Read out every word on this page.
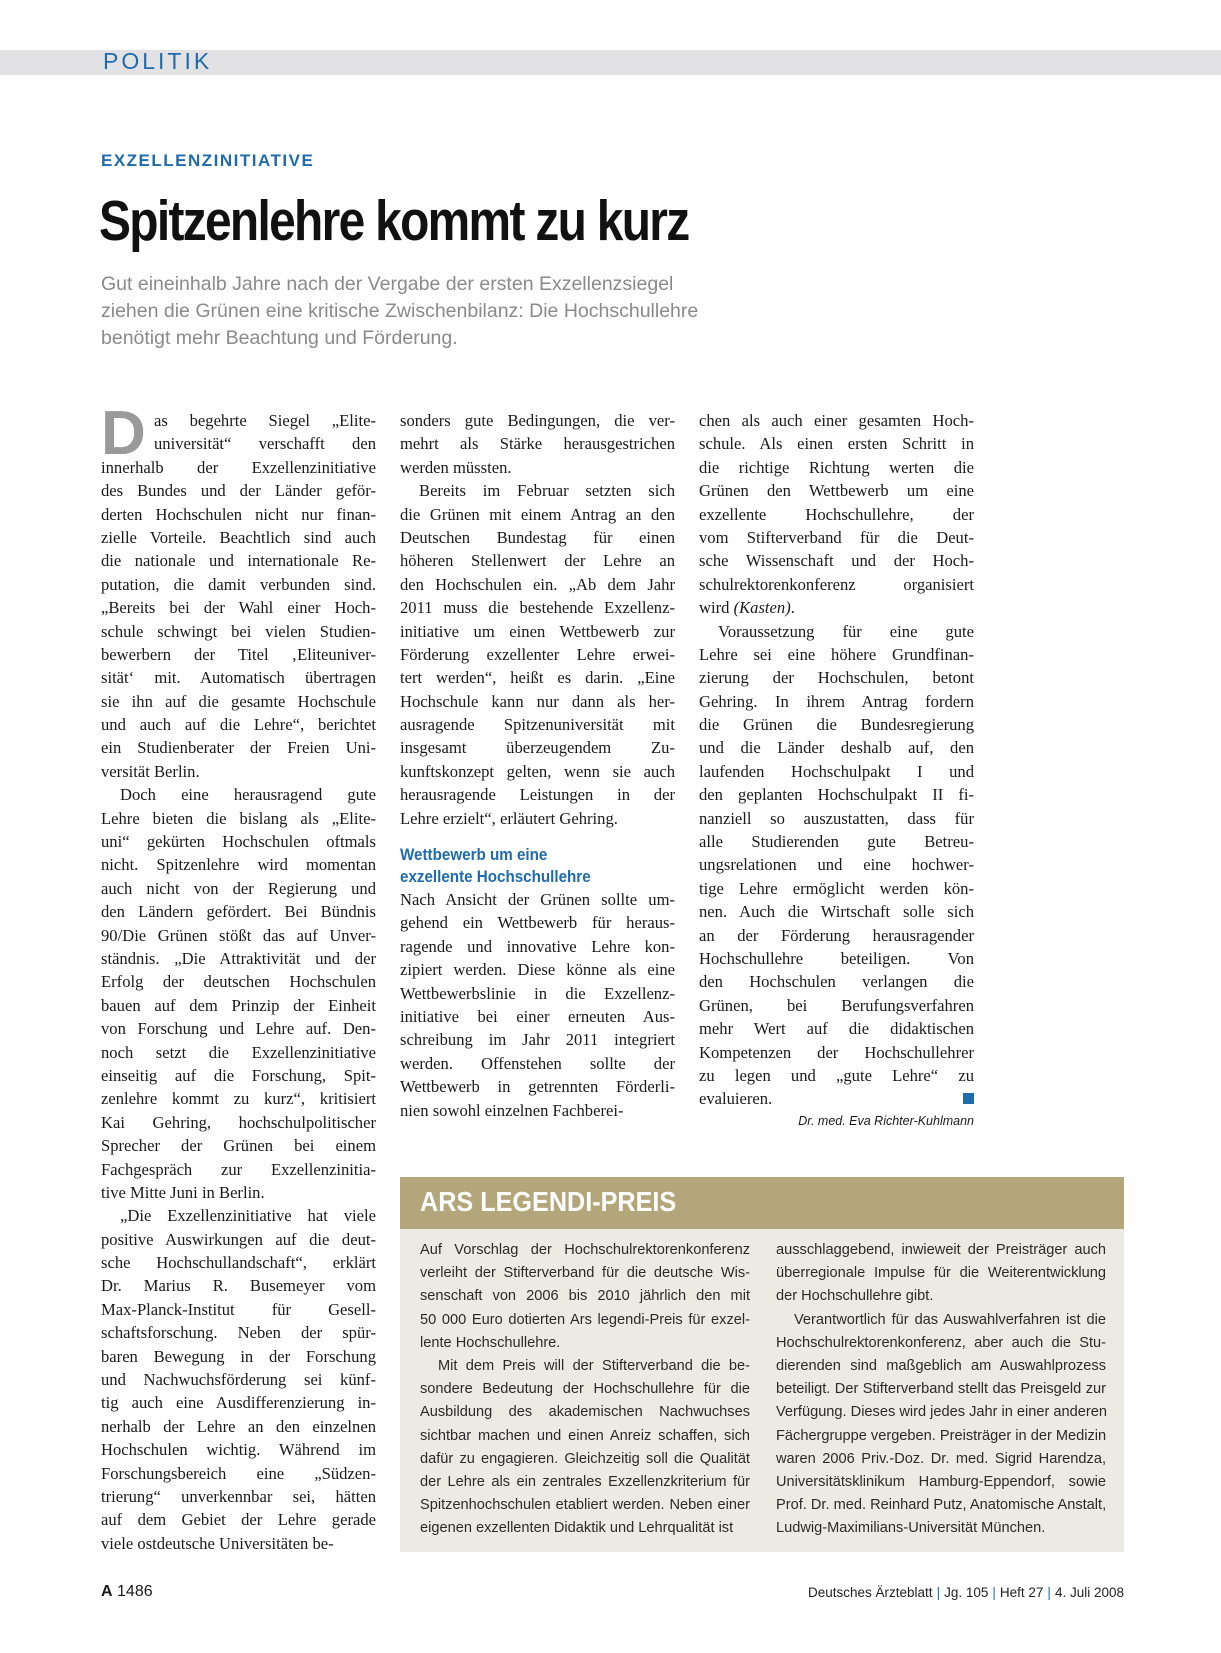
POLITIK
EXZELLENZINITIATIVE
Spitzenlehre kommt zu kurz

Gut eineinhalb Jahre nach der Vergabe der ersten Exzellenzsiegel

ziehen die Grünen eine kritische Zwischenbilanz: Die Hochschullehre

benötigt mehr Beachtung und Förderung.

D as begehrte Siegel „Elite-
universität“ verschafft den
innerhalb der Exzellenzinitiative
des Bundes und der Länder geför-
derten Hochschulen nicht nur finan-
zielle Vorteile. Beachtlich sind auch
die nationale und internationale Re-
putation, die damit verbunden sind.
„Bereits bei der Wahl einer Hoch-
schule schwingt bei vielen Studien-
bewerbern der Titel ‚Eliteuniver-
sität‘ mit. Automatisch übertragen
sie ihn auf die gesamte Hochschule
und auch auf die Lehre“, berichtet
ein Studienberater der Freien Uni-
versität Berlin.
Doch eine herausragend gute
Lehre bieten die bislang als „Elite-
uni“ gekürten Hochschulen oftmals
nicht. Spitzenlehre wird momentan
auch nicht von der Regierung und
den Ländern gefördert. Bei Bündnis
90/Die Grünen stößt das auf Unver-
ständnis. „Die Attraktivität und der
Erfolg der deutschen Hochschulen
bauen auf dem Prinzip der Einheit
von Forschung und Lehre auf. Den-
noch setzt die Exzellenzinitiative
einseitig auf die Forschung, Spit-
zenlehre kommt zu kurz“, kritisiert
Kai Gehring, hochschulpolitischer
Sprecher der Grünen bei einem
Fachgespräch zur Exzellenzinitia-
tive Mitte Juni in Berlin.
„Die Exzellenzinitiative hat viele
positive Auswirkungen auf die deut-
sche Hochschullandschaft“, erklärt
Dr. Marius R. Busemeyer vom
Max-Planck-Institut für Gesell-
schaftsforschung. Neben der spür-
baren Bewegung in der Forschung
und Nachwuchsförderung sei künf-
tig auch eine Ausdifferenzierung in-
nerhalb der Lehre an den einzelnen
Hochschulen wichtig. Während im
Forschungsbereich eine „Südzen-
trierung“ unverkennbar sei, hätten
auf dem Gebiet der Lehre gerade
viele ostdeutsche Universitäten be-
sonders gute Bedingungen, die ver-
mehrt als Stärke herausgestrichen
werden müssten.
Bereits im Februar setzten sich
die Grünen mit einem Antrag an den
Deutschen Bundestag für einen
höheren Stellenwert der Lehre an
den Hochschulen ein. „Ab dem Jahr
2011 muss die bestehende Exzellenz-
initiative um einen Wettbewerb zur
Förderung exzellenter Lehre erwei-
tert werden“, heißt es darin. „Eine
Hochschule kann nur dann als her-
ausragende Spitzenuniversität mit
insgesamt überzeugendem Zu-
kunftskonzept gelten, wenn sie auch
herausragende Leistungen in der
Lehre erzielt“, erläutert Gehring.
Wettbewerb um eine
exzellente Hochschullehre
Nach Ansicht der Grünen sollte um-
gehend ein Wettbewerb für heraus-
ragende und innovative Lehre kon-
zipiert werden. Diese könne als eine
Wettbewerbslinie in die Exzellenz-
initiative bei einer erneuten Aus-
schreibung im Jahr 2011 integriert
werden. Offenstehen sollte der
Wettbewerb in getrennten Förderli-
nien sowohl einzelnen Fachberei-
chen als auch einer gesamten Hoch-
schule. Als einen ersten Schritt in
die richtige Richtung werten die
Grünen den Wettbewerb um eine
exzellente Hochschullehre, der
vom Stifterverband für die Deut-
sche Wissenschaft und der Hoch-
schulrektorenkonferenz organisiert
wird (Kasten).
Voraussetzung für eine gute
Lehre sei eine höhere Grundfinan-
zierung der Hochschulen, betont
Gehring. In ihrem Antrag fordern
die Grünen die Bundesregierung
und die Länder deshalb auf, den
laufenden Hochschulpakt I und
den geplanten Hochschulpakt II fi-
nanziell so auszustatten, dass für
alle Studierenden gute Betreu-
ungsrelationen und eine hochwer-
tige Lehre ermöglicht werden kön-
nen. Auch die Wirtschaft solle sich
an der Förderung herausragender
Hochschullehre beteiligen. Von
den Hochschulen verlangen die
Grünen, bei Berufungsverfahren
mehr Wert auf die didaktischen
Kompetenzen der Hochschullehrer
zu legen und „gute Lehre“ zu
evaluieren.
Dr. med. Eva Richter-Kuhlmann
ARS LEGENDI-PREIS
Auf Vorschlag der Hochschulrektorenkonferenz
verleiht der Stifterverband für die deutsche Wis-
senschaft von 2006 bis 2010 jährlich den mit
50 000 Euro dotierten Ars legendi-Preis für exzel-
lente Hochschullehre.
Mit dem Preis will der Stifterverband die be-
sondere Bedeutung der Hochschullehre für die
Ausbildung des akademischen Nachwuchses
sichtbar machen und einen Anreiz schaffen, sich
dafür zu engagieren. Gleichzeitig soll die Qualität
der Lehre als ein zentrales Exzellenzkriterium für
Spitzenhochschulen etabliert werden. Neben einer
eigenen exzellenten Didaktik und Lehrqualität ist
ausschlaggebend, inwieweit der Preisträger auch
überregionale Impulse für die Weiterentwicklung
der Hochschullehre gibt.
Verantwortlich für das Auswahlverfahren ist die
Hochschulrektorenkonferenz, aber auch die Stu-
dierenden sind maßgeblich am Auswahlprozess
beteiligt. Der Stifterverband stellt das Preisgeld zur
Verfügung. Dieses wird jedes Jahr in einer anderen
Fächergruppe vergeben. Preisträger in der Medizin
waren 2006 Priv.-Doz. Dr. med. Sigrid Harendza,
Universitätsklinikum Hamburg-Eppendorf, sowie
Prof. Dr. med. Reinhard Putz, Anatomische Anstalt,
Ludwig-Maximilians-Universität München.
A 1486	Deutsches Ärzteblatt | Jg. 105 | Heft 27 | 4. Juli 2008
